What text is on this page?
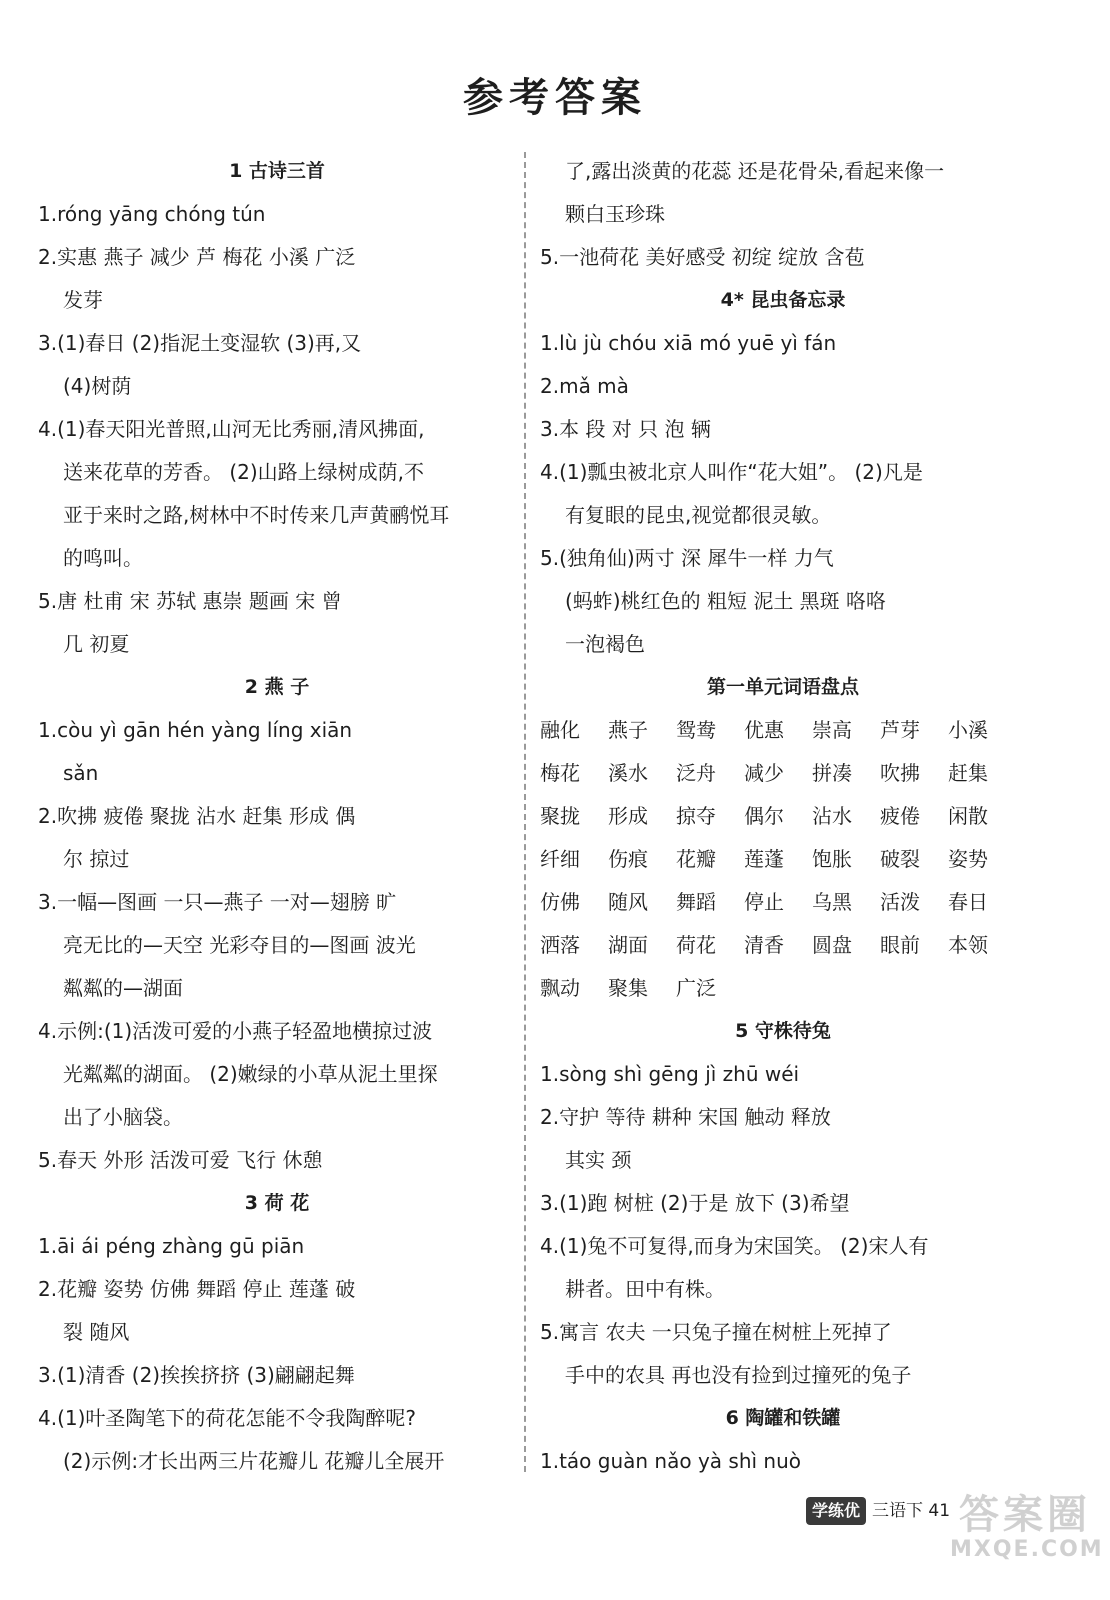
参考答案
1 古诗三首
1.róng yāng chóng tún
2.实惠 燕子 减少 芦 梅花 小溪 广泛
发芽
3.(1)春日 (2)指泥土变湿软 (3)再,又
(4)树荫
4.(1)春天阳光普照,山河无比秀丽,清风拂面,
送来花草的芳香。 (2)山路上绿树成荫,不
亚于来时之路,树林中不时传来几声黄鹂悦耳
的鸣叫。
5.唐 杜甫 宋 苏轼 惠崇 题画 宋 曾
几 初夏
2 燕 子
1.còu yì gān hén yàng líng xiān
sǎn
2.吹拂 疲倦 聚拢 沾水 赶集 形成 偶
尔 掠过
3.一幅—图画 一只—燕子 一对—翅膀 旷
亮无比的—天空 光彩夺目的—图画 波光
粼粼的—湖面
4.示例:(1)活泼可爱的小燕子轻盈地横掠过波
光粼粼的湖面。 (2)嫩绿的小草从泥土里探
出了小脑袋。
5.春天 外形 活泼可爱 飞行 休憩
3 荷 花
1.āi ái péng zhàng gū piān
2.花瓣 姿势 仿佛 舞蹈 停止 莲蓬 破
裂 随风
3.(1)清香 (2)挨挨挤挤 (3)翩翩起舞
4.(1)叶圣陶笔下的荷花怎能不令我陶醉呢?
(2)示例:才长出两三片花瓣儿 花瓣儿全展开
了,露出淡黄的花蕊 还是花骨朵,看起来像一
颗白玉珍珠
5.一池荷花 美好感受 初绽 绽放 含苞
4* 昆虫备忘录
1.lù jù chóu xiā mó yuē yì fán
2.mǎ mà
3.本 段 对 只 泡 辆
4.(1)瓢虫被北京人叫作“花大姐”。 (2)凡是
有复眼的昆虫,视觉都很灵敏。
5.(独角仙)两寸 深 犀牛一样 力气
(蚂蚱)桃红色的 粗短 泥土 黑斑 咯咯
一泡褐色
第一单元词语盘点
融化 燕子 鸳鸯 优惠 崇高 芦芽 小溪
梅花 溪水 泛舟 减少 拼凑 吹拂 赶集
聚拢 形成 掠夺 偶尔 沾水 疲倦 闲散
纤细 伤痕 花瓣 莲蓬 饱胀 破裂 姿势
仿佛 随风 舞蹈 停止 乌黑 活泼 春日
洒落 湖面 荷花 清香 圆盘 眼前 本领
飘动 聚集 广泛
5 守株待兔
1.sòng shì gēng jì zhū wéi
2.守护 等待 耕种 宋国 触动 释放
其实 颈
3.(1)跑 树桩 (2)于是 放下 (3)希望
4.(1)兔不可复得,而身为宋国笑。 (2)宋人有
耕者。田中有株。
5.寓言 农夫 一只兔子撞在树桩上死掉了
手中的农具 再也没有捡到过撞死的兔子
6 陶罐和铁罐
1.táo guàn nǎo yà shì nuò
学练优 三语下 41 答案圈
MXQE.COM
